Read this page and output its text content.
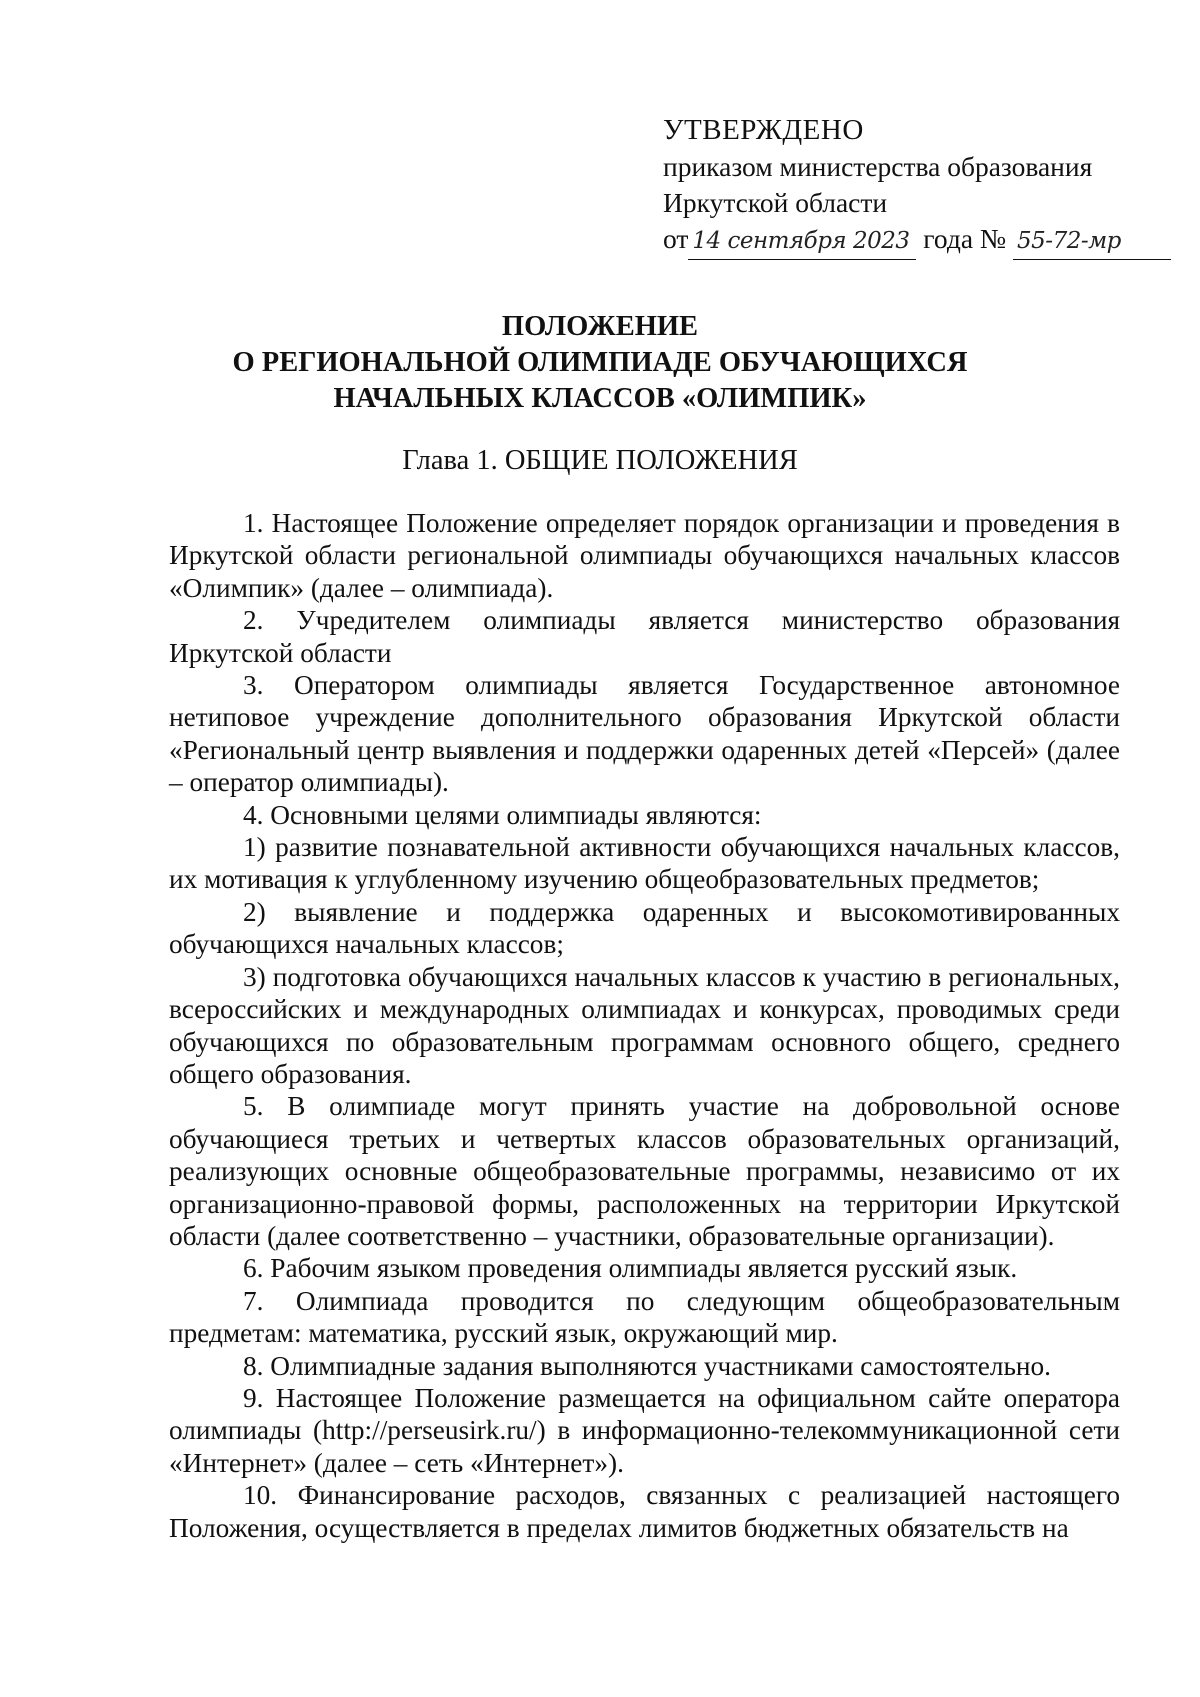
УТВЕРЖДЕНО
приказом министерства образования
Иркутской области
от 14 сентября 2023 года № 55-72-мр
ПОЛОЖЕНИЕ
О РЕГИОНАЛЬНОЙ ОЛИМПИАДЕ ОБУЧАЮЩИХСЯ
НАЧАЛЬНЫХ КЛАССОВ «ОЛИМПИК»
Глава 1. ОБЩИЕ ПОЛОЖЕНИЯ

1. Настоящее Положение определяет порядок организации и проведения в Иркутской области региональной олимпиады обучающихся начальных классов «Олимпик» (далее – олимпиада).

2. Учредителем олимпиады является министерство образования Иркутской области

3. Оператором олимпиады является Государственное автономное нетиповое учреждение дополнительного образования Иркутской области «Региональный центр выявления и поддержки одаренных детей «Персей» (далее – оператор олимпиады).

4. Основными целями олимпиады являются:

1) развитие познавательной активности обучающихся начальных классов, их мотивация к углубленному изучению общеобразовательных предметов;

2) выявление и поддержка одаренных и высокомотивированных обучающихся начальных классов;

3) подготовка обучающихся начальных классов к участию в региональных, всероссийских и международных олимпиадах и конкурсах, проводимых среди обучающихся по образовательным программам основного общего, среднего общего образования.

5. В олимпиаде могут принять участие на добровольной основе обучающиеся третьих и четвертых классов образовательных организаций, реализующих основные общеобразовательные программы, независимо от их организационно-правовой формы, расположенных на территории Иркутской области (далее соответственно – участники, образовательные организации).

6. Рабочим языком проведения олимпиады является русский язык.

7. Олимпиада проводится по следующим общеобразовательным предметам: математика, русский язык, окружающий мир.

8. Олимпиадные задания выполняются участниками самостоятельно.

9. Настоящее Положение размещается на официальном сайте оператора олимпиады (http://perseusirk.ru/) в информационно-телекоммуникационной сети «Интернет» (далее – сеть «Интернет»).

10. Финансирование расходов, связанных с реализацией настоящего Положения, осуществляется в пределах лимитов бюджетных обязательств на
